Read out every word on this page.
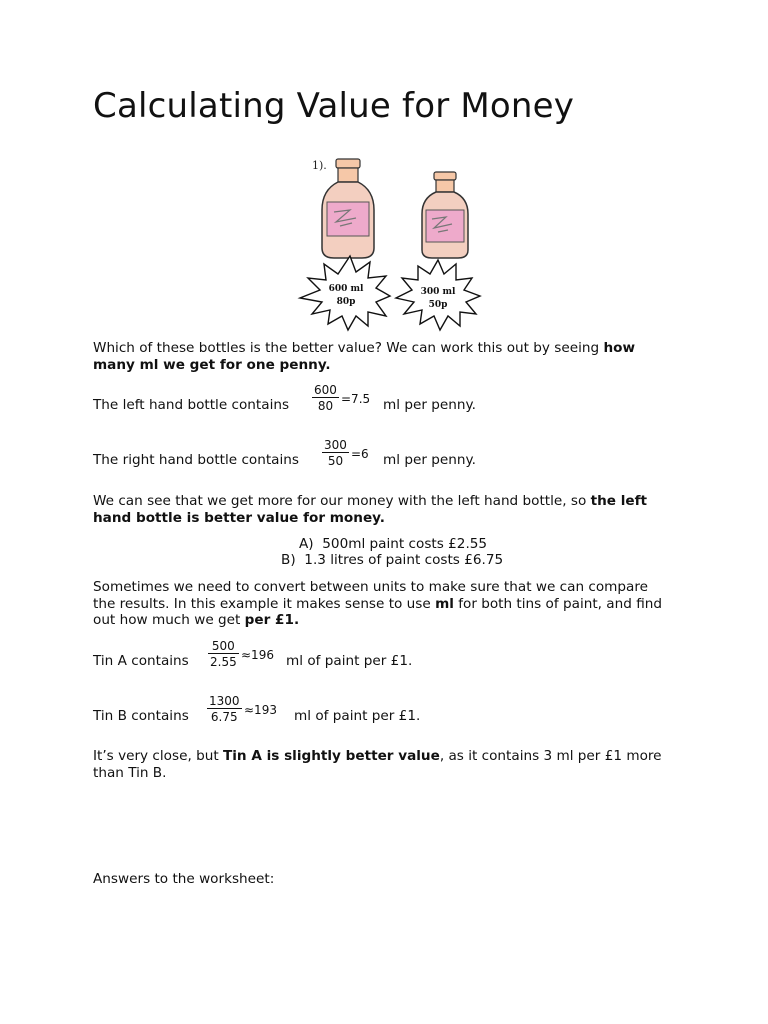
Calculating Value for Money
1).
600 ml
80p
300 ml
50p

Which of these bottles is the better value? We can work this out by seeing how many ml we get for one penny.

The left hand bottle contains $\frac{600}{80} =7.5$ ml per penny.
The right hand bottle contains $\frac{300}{50} =6$ ml per penny.

We can see that we get more for our money with the left hand bottle, so the left hand bottle is better value for money.

A) 500ml paint costs £2.55
B) 1.3 litres of paint costs £6.75

Sometimes we need to convert between units to make sure that we can compare the results. In this example it makes sense to use ml for both tins of paint, and find out how much we get per £1.

Tin A contains $\frac{500}{2.55} \approx 196$ ml of paint per £1.
Tin B contains $\frac{1300}{6.75} \approx 193$ ml of paint per £1.

It’s very close, but Tin A is slightly better value, as it contains 3 ml per £1 more than Tin B.

Answers to the worksheet:
